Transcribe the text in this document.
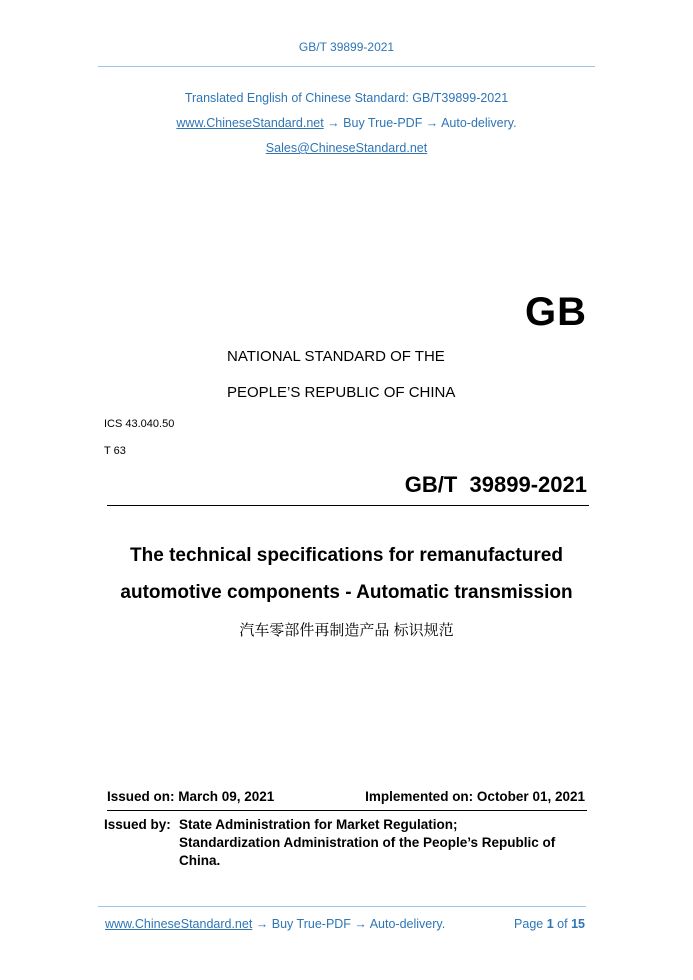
GB/T 39899-2021
Translated English of Chinese Standard: GB/T39899-2021
www.ChineseStandard.net → Buy True-PDF → Auto-delivery.
Sales@ChineseStandard.net
GB
NATIONAL STANDARD OF THE
PEOPLE’S REPUBLIC OF CHINA
ICS 43.040.50
T 63
GB/T  39899-2021
The technical specifications for remanufactured
automotive components - Automatic transmission
汽车零部件再制造产品 标识规范
Issued on: March 09, 2021	Implemented on: October 01, 2021
Issued by: State Administration for Market Regulation;
Standardization Administration of the People’s Republic of
China.
www.ChineseStandard.net → Buy True-PDF → Auto-delivery.	Page 1 of 15
